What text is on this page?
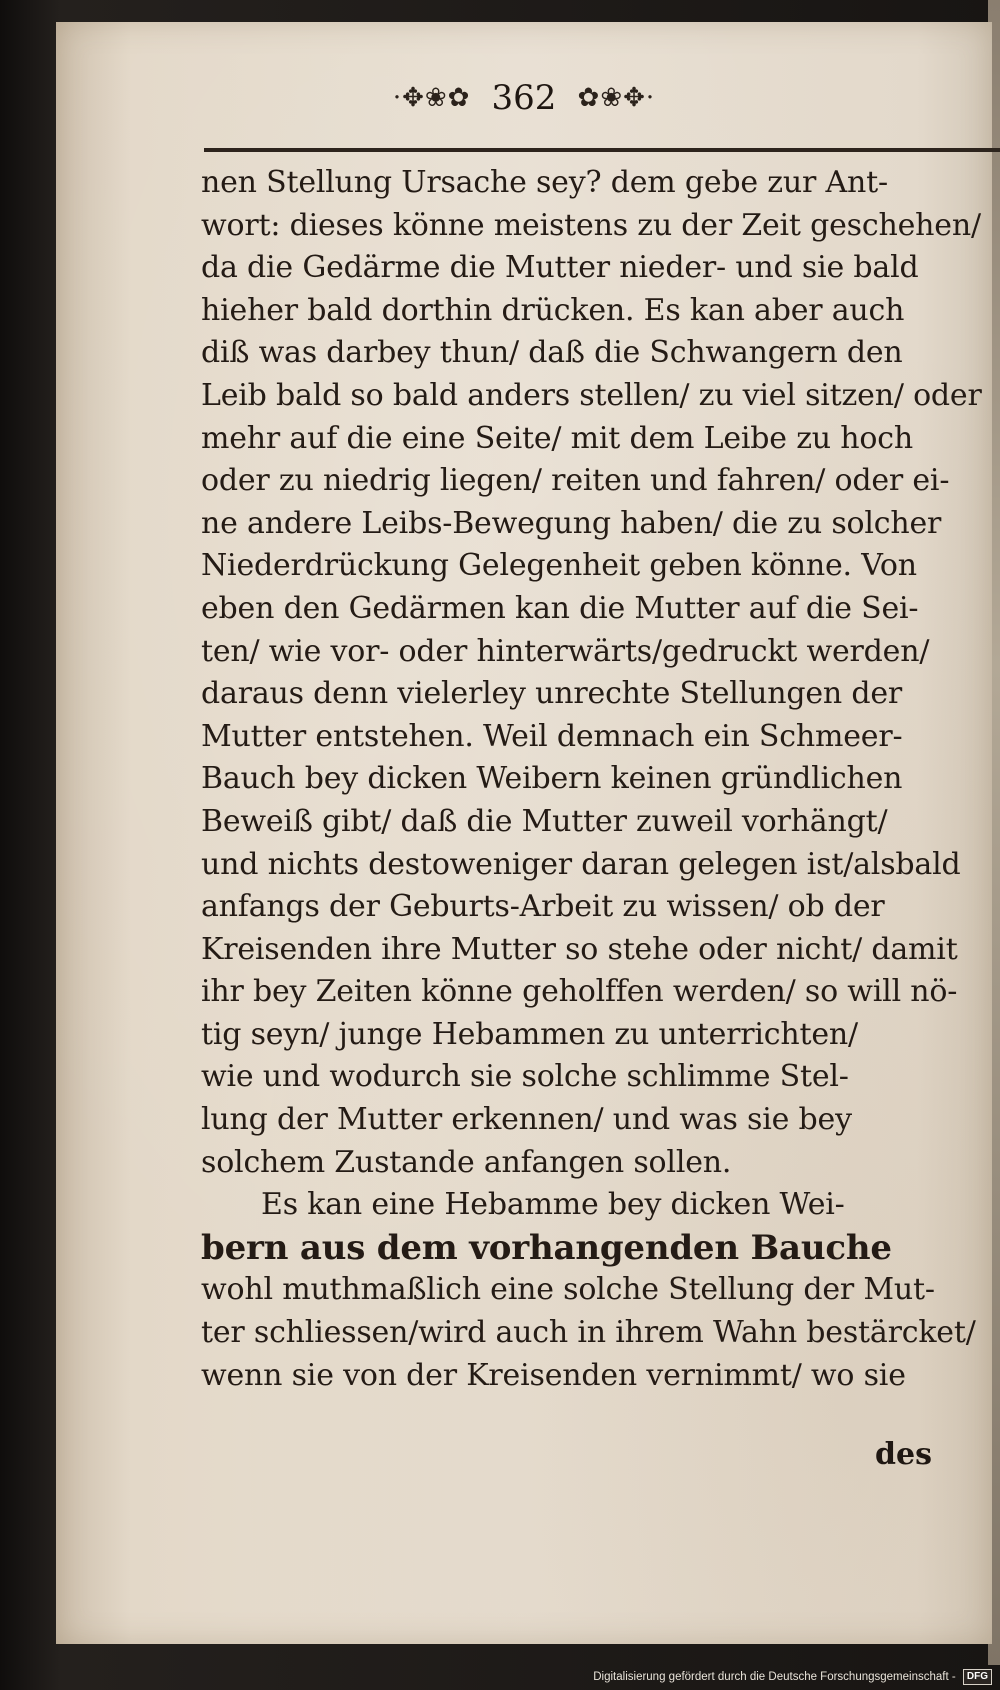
·✥❀✿ 362 ✿❀✥·
nen Stellung Ursache sey? dem gebe zur Ant-
wort: dieses könne meistens zu der Zeit geschehen/
da die Gedärme die Mutter nieder- und sie bald
hieher bald dorthin drücken. Es kan aber auch
diß was darbey thun/ daß die Schwangern den
Leib bald so bald anders stellen/ zu viel sitzen/ oder
mehr auf die eine Seite/ mit dem Leibe zu hoch
oder zu niedrig liegen/ reiten und fahren/ oder ei-
ne andere Leibs-Bewegung haben/ die zu solcher
Niederdrückung Gelegenheit geben könne. Von
eben den Gedärmen kan die Mutter auf die Sei-
ten/ wie vor- oder hinterwärts/gedruckt werden/
daraus denn vielerley unrechte Stellungen der
Mutter entstehen. Weil demnach ein Schmeer-
Bauch bey dicken Weibern keinen gründlichen
Beweiß gibt/ daß die Mutter zuweil vorhängt/
und nichts destoweniger daran gelegen ist/alsbald
anfangs der Geburts-Arbeit zu wissen/ ob der
Kreisenden ihre Mutter so stehe oder nicht/ damit
ihr bey Zeiten könne geholffen werden/ so will nö-
tig seyn/ junge Hebammen zu unterrichten/
wie und wodurch sie solche schlimme Stel-
lung der Mutter erkennen/ und was sie bey
solchem Zustande anfangen sollen.
Es kan eine Hebamme bey dicken Wei-
bern aus dem vorhangenden Bauche
wohl muthmaßlich eine solche Stellung der Mut-
ter schliessen/wird auch in ihrem Wahn bestärcket/
wenn sie von der Kreisenden vernimmt/ wo sie
des
Digitalisierung gefördert durch die Deutsche Forschungsgemeinschaft - DFG
